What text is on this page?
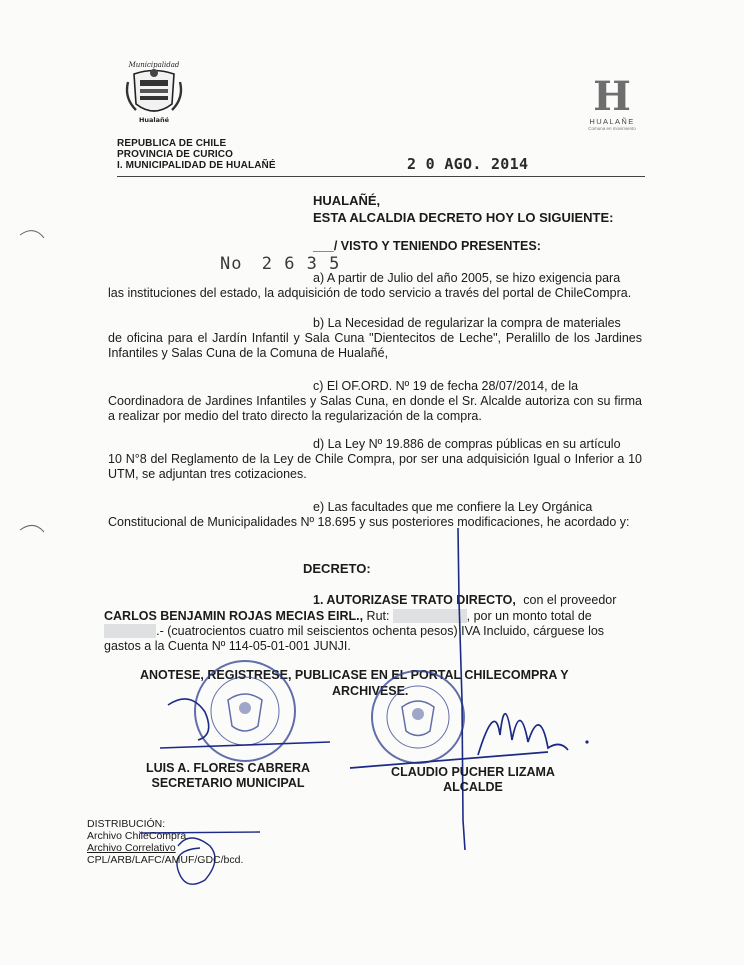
Municipalidad
Hualañé	H
HUALAÑE
Comuna en movimiento
REPUBLICA DE CHILE
PROVINCIA DE CURICO
I. MUNICIPALIDAD DE HUALAÑÉ	2 0 AGO. 2014
HUALAÑÉ,
ESTA ALCALDIA DECRETO HOY LO SIGUIENTE:
___/ VISTO Y TENIENDO PRESENTES:
No 2 6 3 5
a) A partir de Julio del año 2005, se hizo exigencia para
las instituciones del estado, la adquisición de todo servicio a través del portal de ChileCompra.
b) La Necesidad de regularizar la compra de materiales
de oficina para el Jardín Infantil y Sala Cuna "Dientecitos de Leche", Peralillo de los Jardines Infantiles y Salas Cuna de la Comuna de Hualañé,
c) El OF.ORD. Nº 19 de fecha 28/07/2014, de la
Coordinadora de Jardines Infantiles y Salas Cuna, en donde el Sr. Alcalde autoriza con su firma a realizar por medio del trato directo la regularización de la compra.
d) La Ley Nº 19.886 de compras públicas en su artículo
10 N°8 del Reglamento de la Ley de Chile Compra, por ser una adquisición Igual o Inferior a 10 UTM, se adjuntan tres cotizaciones.
e) Las facultades que me confiere la Ley Orgánica
Constitucional de Municipalidades Nº 18.695 y sus posteriores modificaciones, he acordado y:
DECRETO:
1. AUTORIZASE TRATO DIRECTO, con el proveedor
CARLOS BENJAMIN ROJAS MECIAS EIRL., Rut: 76.000.000-0, por un monto total de
$404.680.- (cuatrocientos cuatro mil seiscientos ochenta pesos) IVA Incluido, cárguese los
gastos a la Cuenta Nº 114-05-01-001 JUNJI.
ANOTESE, REGISTRESE, PUBLICASE EN EL PORTAL CHILECOMPRA Y
ARCHIVESE.
LUIS A. FLORES CABRERA
SECRETARIO MUNICIPAL
CLAUDIO PUCHER LIZAMA
ALCALDE
DISTRIBUCIÓN:
Archivo ChileCompra
Archivo Correlativo
CPL/ARB/LAFC/AMUF/GDC/bcd.
